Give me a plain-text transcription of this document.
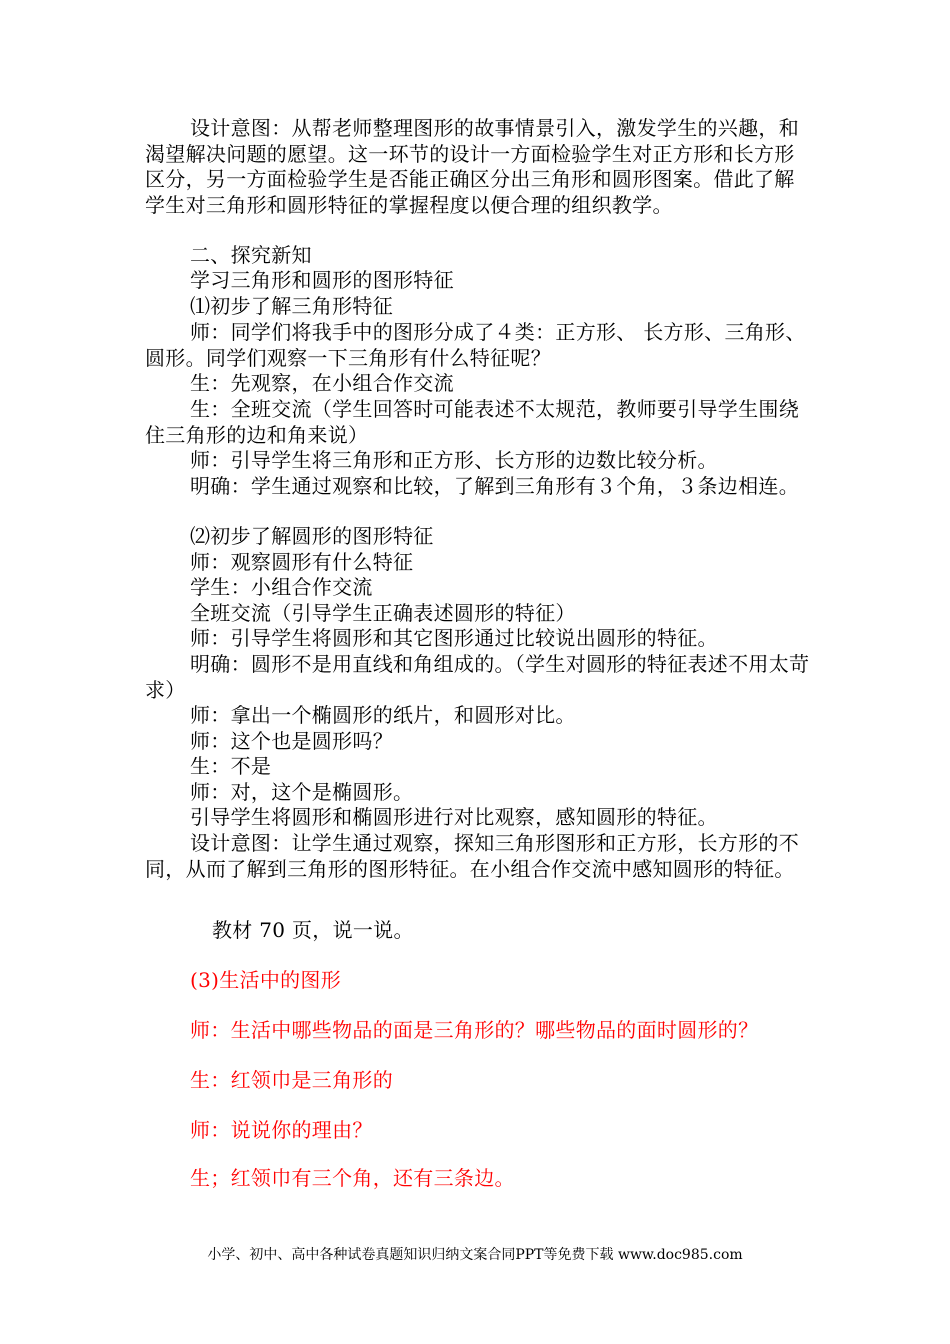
设计意图：从帮老师整理图形的故事情景引入，激发学生的兴趣，和渴望解决问题的愿望。这一环节的设计一方面检验学生对正方形和长方形区分，另一方面检验学生是否能正确区分出三角形和圆形图案。借此了解学生对三角形和圆形特征的掌握程度以便合理的组织教学。

二、探究新知

学习三角形和圆形的图形特征

⑴初步了解三角形特征

师：同学们将我手中的图形分成了４类：正方形、 长方形、三角形、圆形。同学们观察一下三角形有什么特征呢？

生：先观察，在小组合作交流

生：全班交流（学生回答时可能表述不太规范，教师要引导学生围绕住三角形的边和角来说）

师：引导学生将三角形和正方形、长方形的边数比较分析。

明确：学生通过观察和比较，了解到三角形有３个角，３条边相连。

⑵初步了解圆形的图形特征

师：观察圆形有什么特征

学生：小组合作交流

全班交流（引导学生正确表述圆形的特征）

师：引导学生将圆形和其它图形通过比较说出圆形的特征。

明确：圆形不是用直线和角组成的。（学生对圆形的特征表述不用太苛求）

师：拿出一个椭圆形的纸片，和圆形对比。

师：这个也是圆形吗？

生：不是

师：对，这个是椭圆形。

引导学生将圆形和椭圆形进行对比观察，感知圆形的特征。

设计意图：让学生通过观察，探知三角形图形和正方形，长方形的不同，从而了解到三角形的图形特征。在小组合作交流中感知圆形的特征。

教材 70 页，说一说。

(3)生活中的图形

师：生活中哪些物品的面是三角形的？哪些物品的面时圆形的？

生：红领巾是三角形的

师：说说你的理由？

生；红领巾有三个角，还有三条边。

小学、初中、高中各种试卷真题知识归纳文案合同PPT等免费下载 www.doc985.com
